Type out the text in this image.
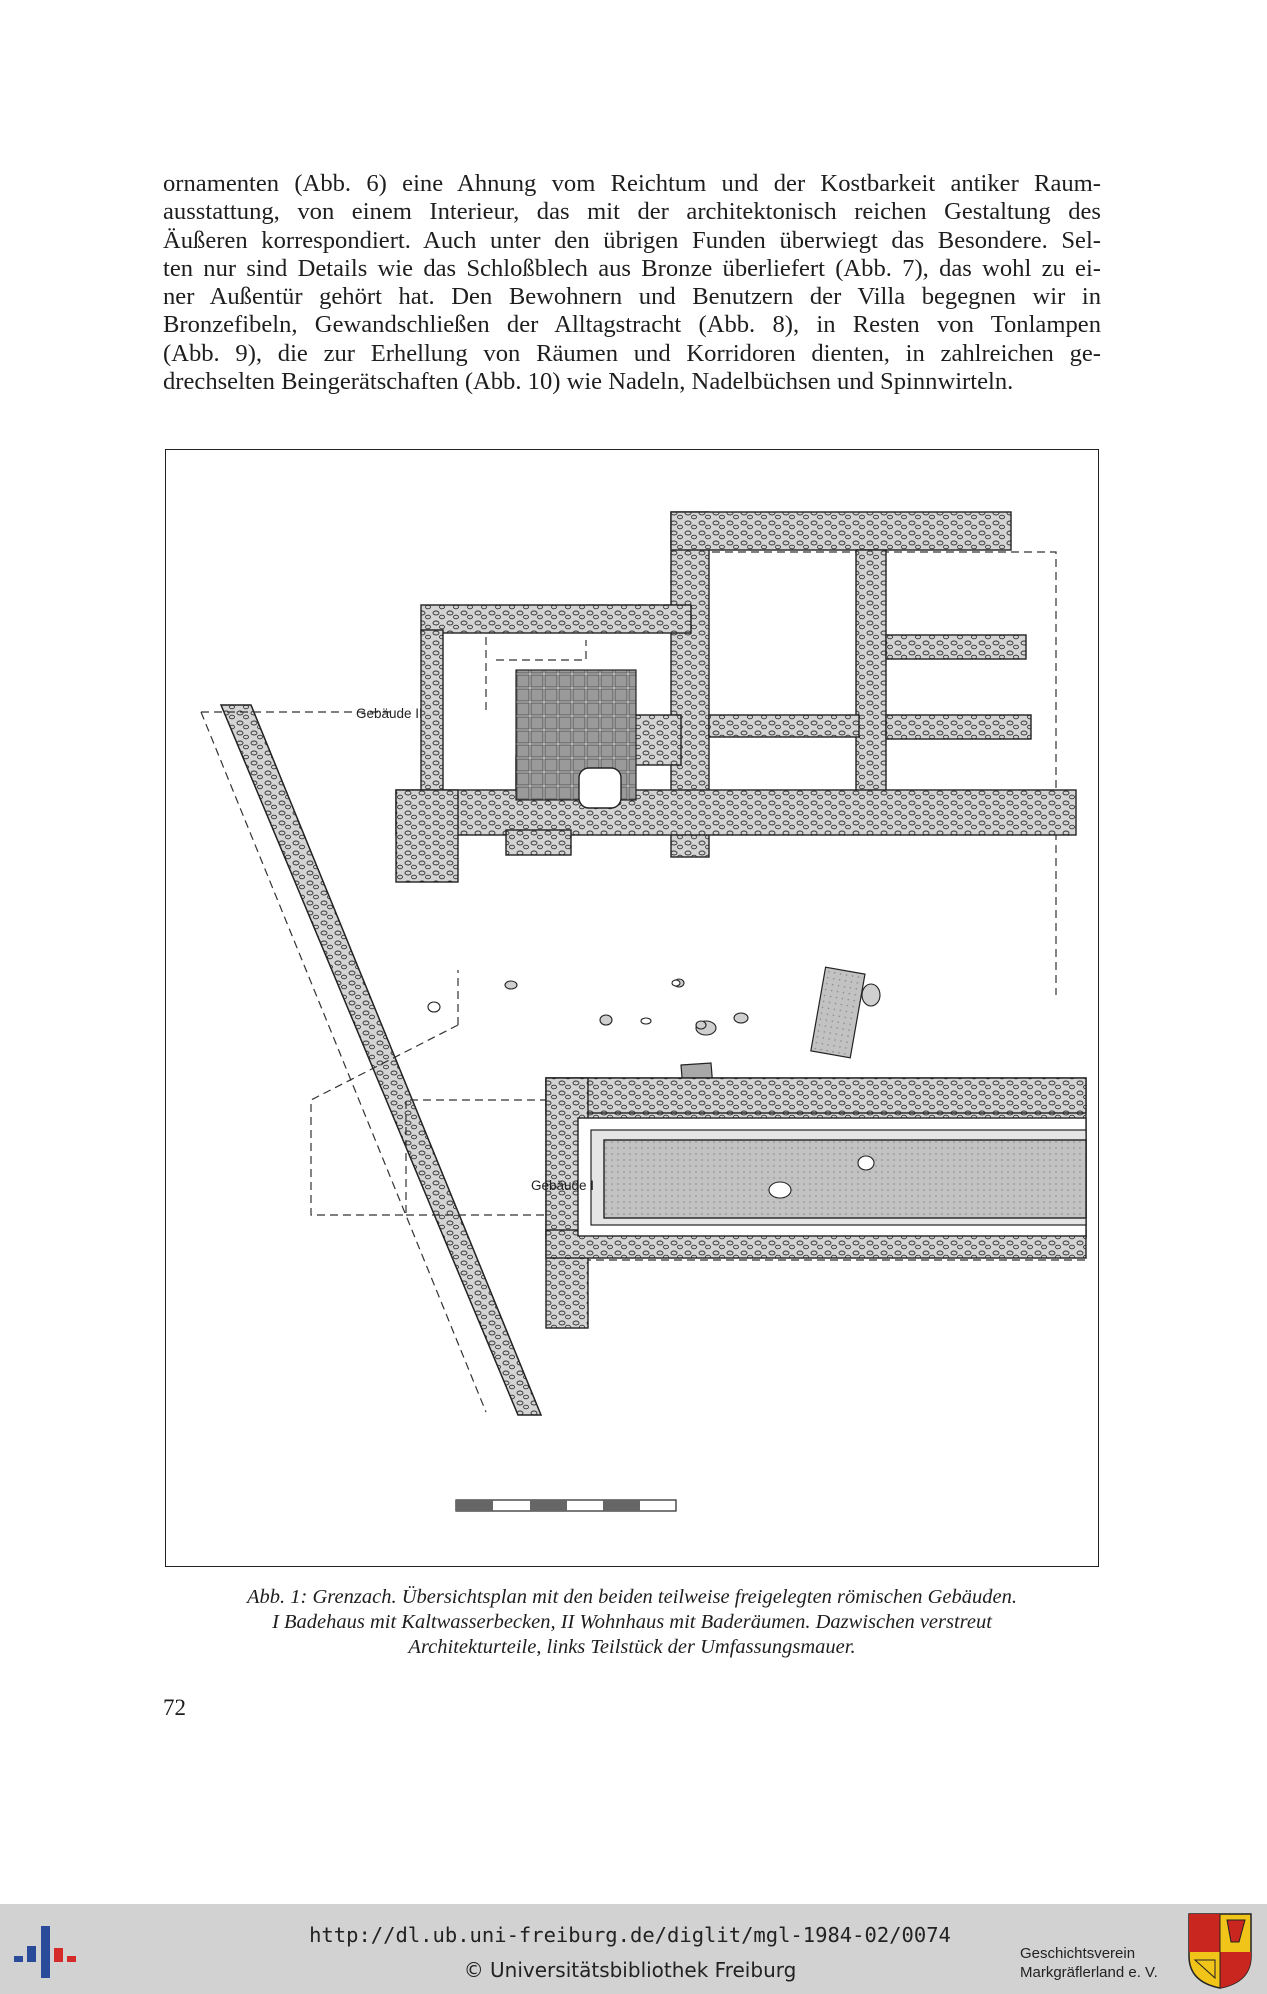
ornamenten (Abb. 6) eine Ahnung vom Reichtum und der Kostbarkeit antiker Raum-
ausstattung, von einem Interieur, das mit der architektonisch reichen Gestaltung des
Äußeren korrespondiert. Auch unter den übrigen Funden überwiegt das Besondere. Sel-
ten nur sind Details wie das Schloßblech aus Bronze überliefert (Abb. 7), das wohl zu ei-
ner Außentür gehört hat. Den Bewohnern und Benutzern der Villa begegnen wir in
Bronzefibeln, Gewandschließen der Alltagstracht (Abb. 8), in Resten von Tonlampen
(Abb. 9), die zur Erhellung von Räumen und Korridoren dienten, in zahlreichen ge-
drechselten Beingerätschaften (Abb. 10) wie Nadeln, Nadelbüchsen und Spinnwirteln.
Gebäude II
Gebäude I
Abb. 1: Grenzach. Übersichtsplan mit den beiden teilweise freigelegten römischen Gebäuden.
I Badehaus mit Kaltwasserbecken, II Wohnhaus mit Baderäumen. Dazwischen verstreut
Architekturteile, links Teilstück der Umfassungsmauer.
72
http://dl.ub.uni-freiburg.de/diglit/mgl-1984-02/0074
© Universitätsbibliothek Freiburg
Geschichtsverein
Markgräflerland e. V.
